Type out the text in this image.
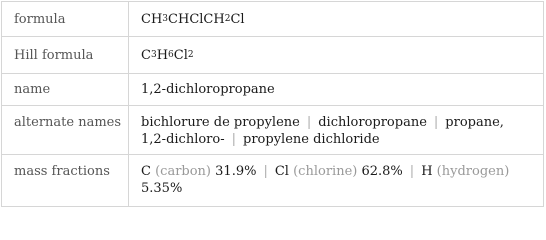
formula	CH 3 CHClCH 2 Cl
Hill formula	C 3 H 6 Cl 2
name	1,2-dichloropropane
alternate names	bichlorure de propylene | dichloropropane | propane, 1,2-dichloro- | propylene dichloride
mass fractions	C (carbon) 31.9% | Cl (chlorine) 62.8% | H (hydrogen) 5.35%
